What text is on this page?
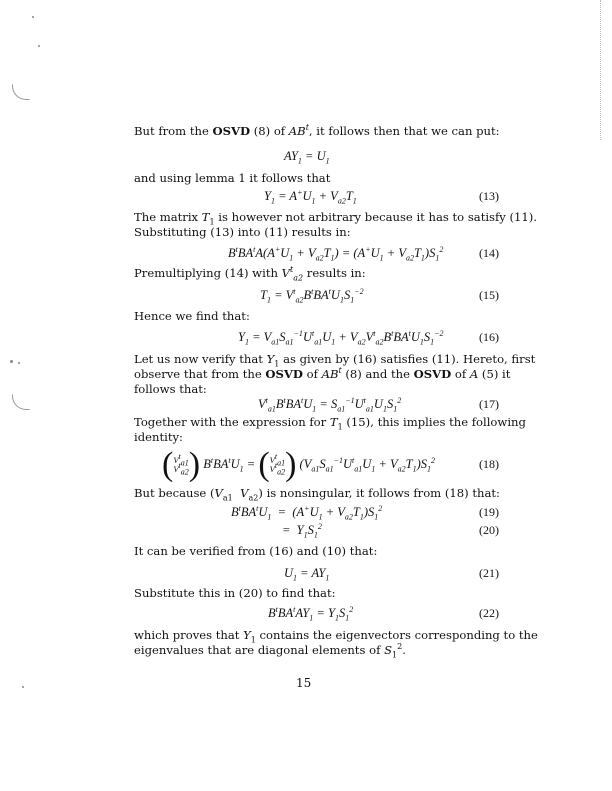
But from the OSVD (8) of $AB^t$, it follows then that we can put:
$AY_1 = U_1$
and using lemma 1 it follows that
$Y_1 = A^+U_1 + V_{a2}T_1$	(13)
The matrix $T_1$ is however not arbitrary because it has to satisfy (11).
Substituting (13) into (11) results in:
$B^tBA^tA(A^+U_1 + V_{a2}T_1) = (A^+U_1 + V_{a2}T_1)S_1^2$	(14)
Premultiplying (14) with $V^t_{a2}$ results in:
$T_1 = V^t_{a2}B^tBA^tU_1S_1^{-2}$	(15)
Hence we find that:
$Y_1 = V_{a1}S_{a1}^{-1}U^t_{a1}U_1 + V_{a2}V^t_{a2}B^tBA^tU_1S_1^{-2}$	(16)
Let us now verify that $Y_1$ as given by (16) satisfies (11). Hereto, first
observe that from the OSVD of $AB^t$ (8) and the OSVD of A (5) it
follows that:
$V^t_{a1}B^tBA^tU_1 = S_{a1}^{-1}U^t_{a1}U_1S_1^2$	(17)
Together with the expression for $T_1$ (15), this implies the following
identity:
( $V^t_{a1}$
$V^t_{a2}$ ) $B^tBA^tU_1$ = ( $V^t_{a1}$
$V^t_{a2}$ ) $(V_{a1}S_{a1}^{-1}U^t_{a1}U_1 + V_{a2}T_1)S_1^2$	(18)
But because ($V_{a1}$ $V_{a2}$) is nonsingular, it follows from (18) that:
$B^tBA^tU_1 = (A^+U_1 + V_{a2}T_1)S_1^2$	(19)
=  $Y_1S_1^2$	(20)
It can be verified from (16) and (10) that:
$U_1 = AY_1$	(21)
Substitute this in (20) to find that:
$B^tBA^tAY_1 = Y_1S_1^2$	(22)
which proves that $Y_1$ contains the eigenvectors corresponding to the
eigenvalues that are diagonal elements of $S_1^2$.
15
